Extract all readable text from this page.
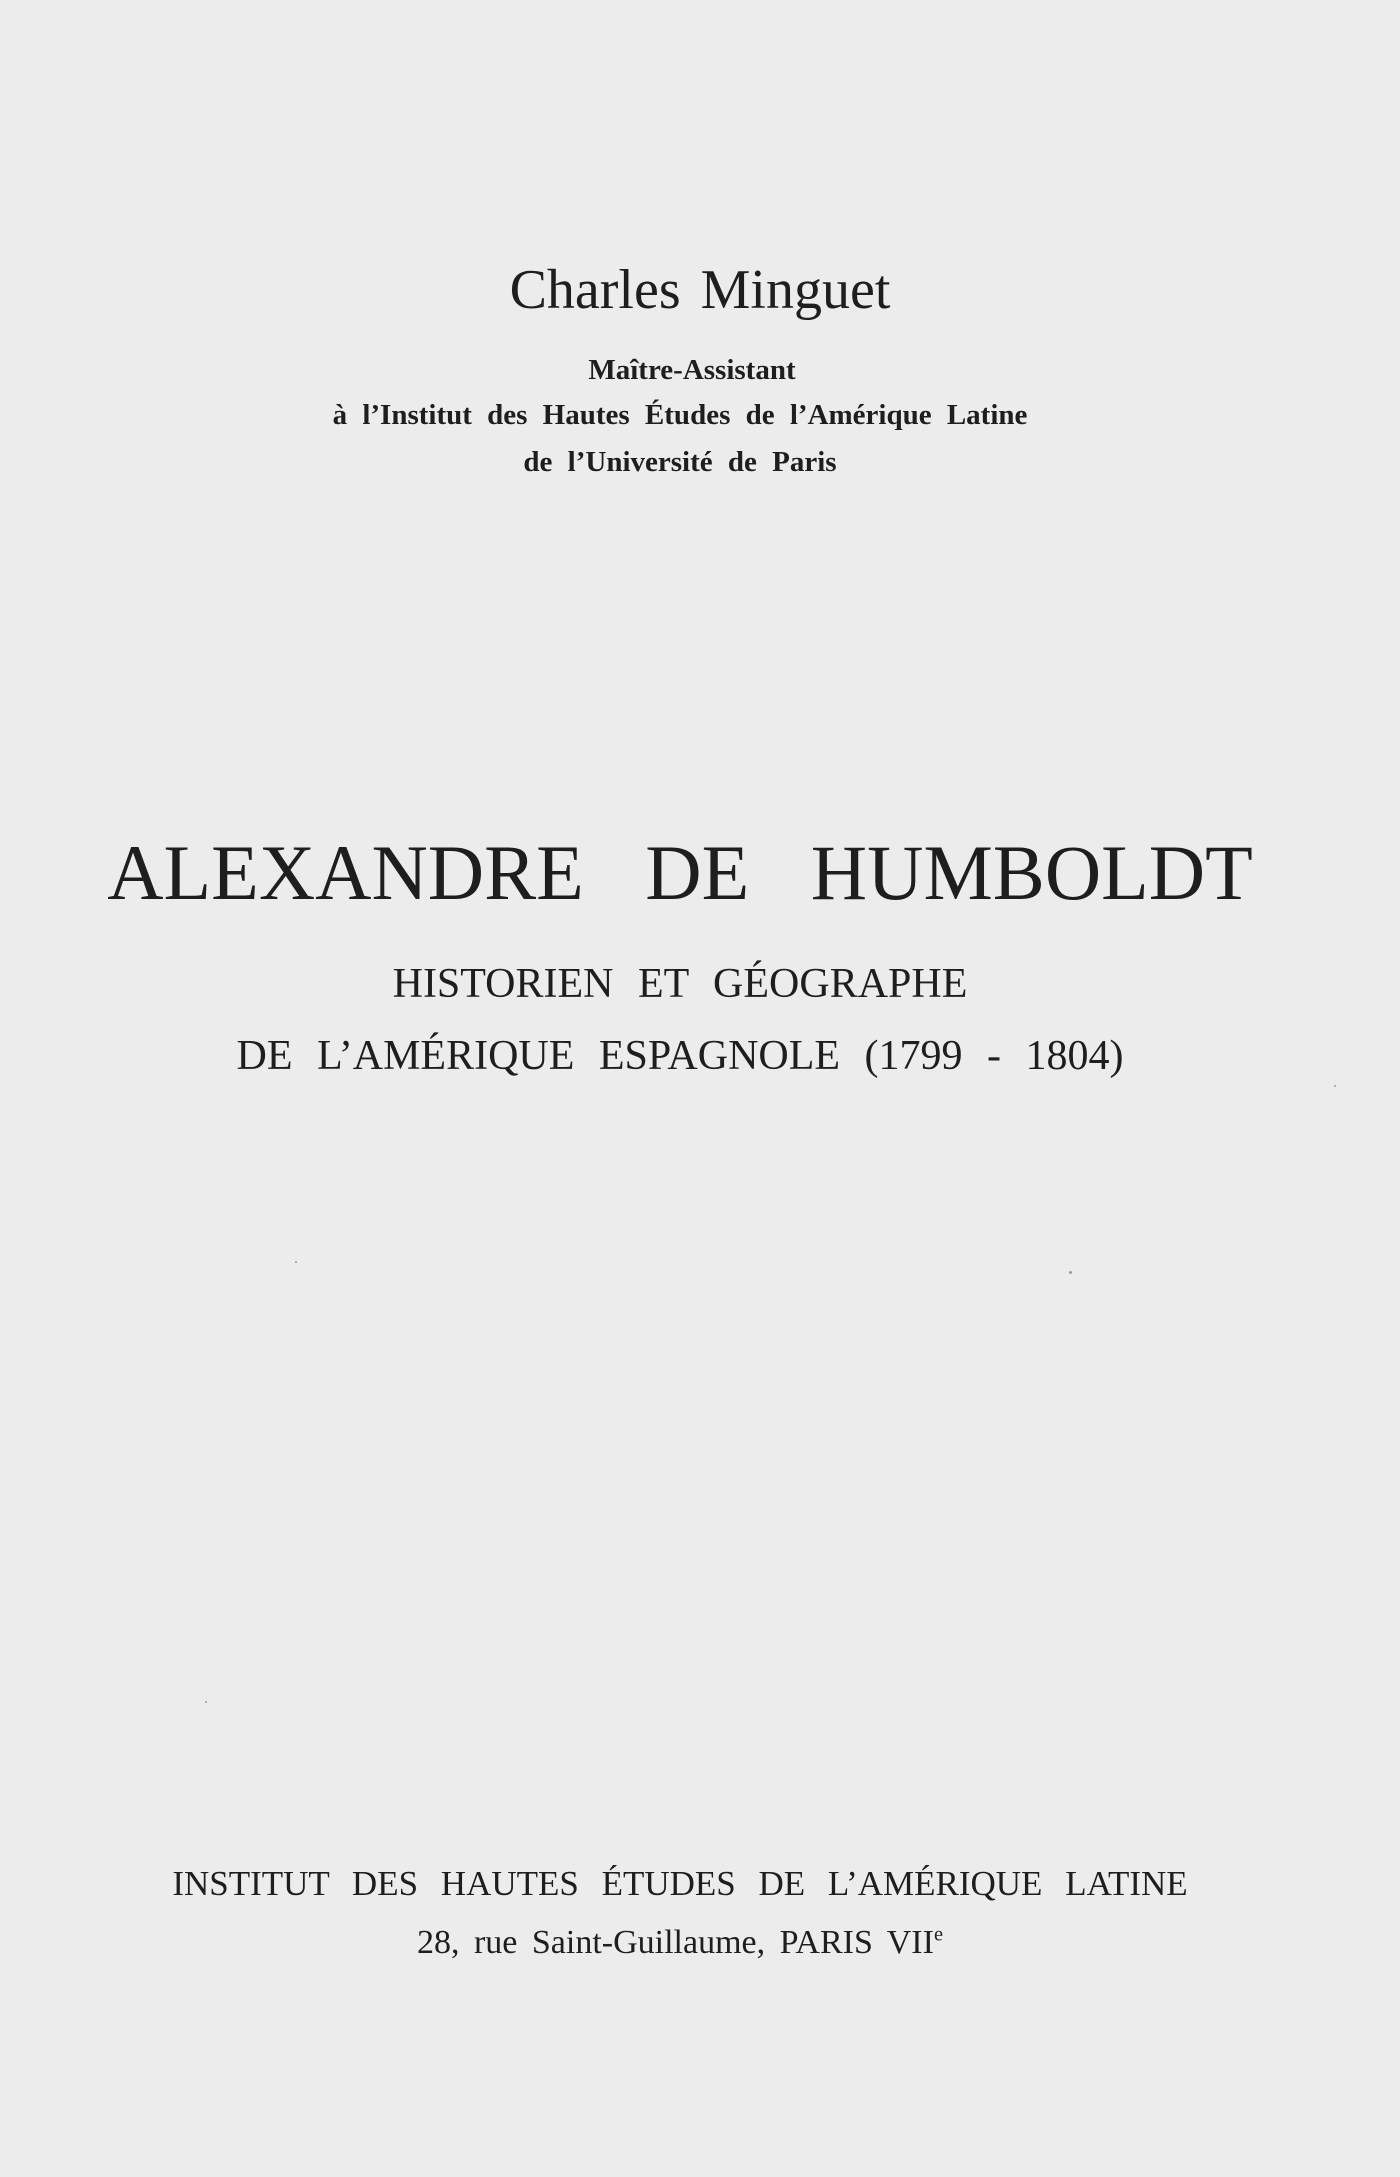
Charles Minguet
Maître-Assistant
à l’Institut des Hautes Études de l’Amérique Latine
de l’Université de Paris
ALEXANDRE DE HUMBOLDT
HISTORIEN ET GÉOGRAPHE
DE L’AMÉRIQUE ESPAGNOLE (1799 - 1804)
INSTITUT DES HAUTES ÉTUDES DE L’AMÉRIQUE LATINE
28, rue Saint-Guillaume, PARIS VIIe
